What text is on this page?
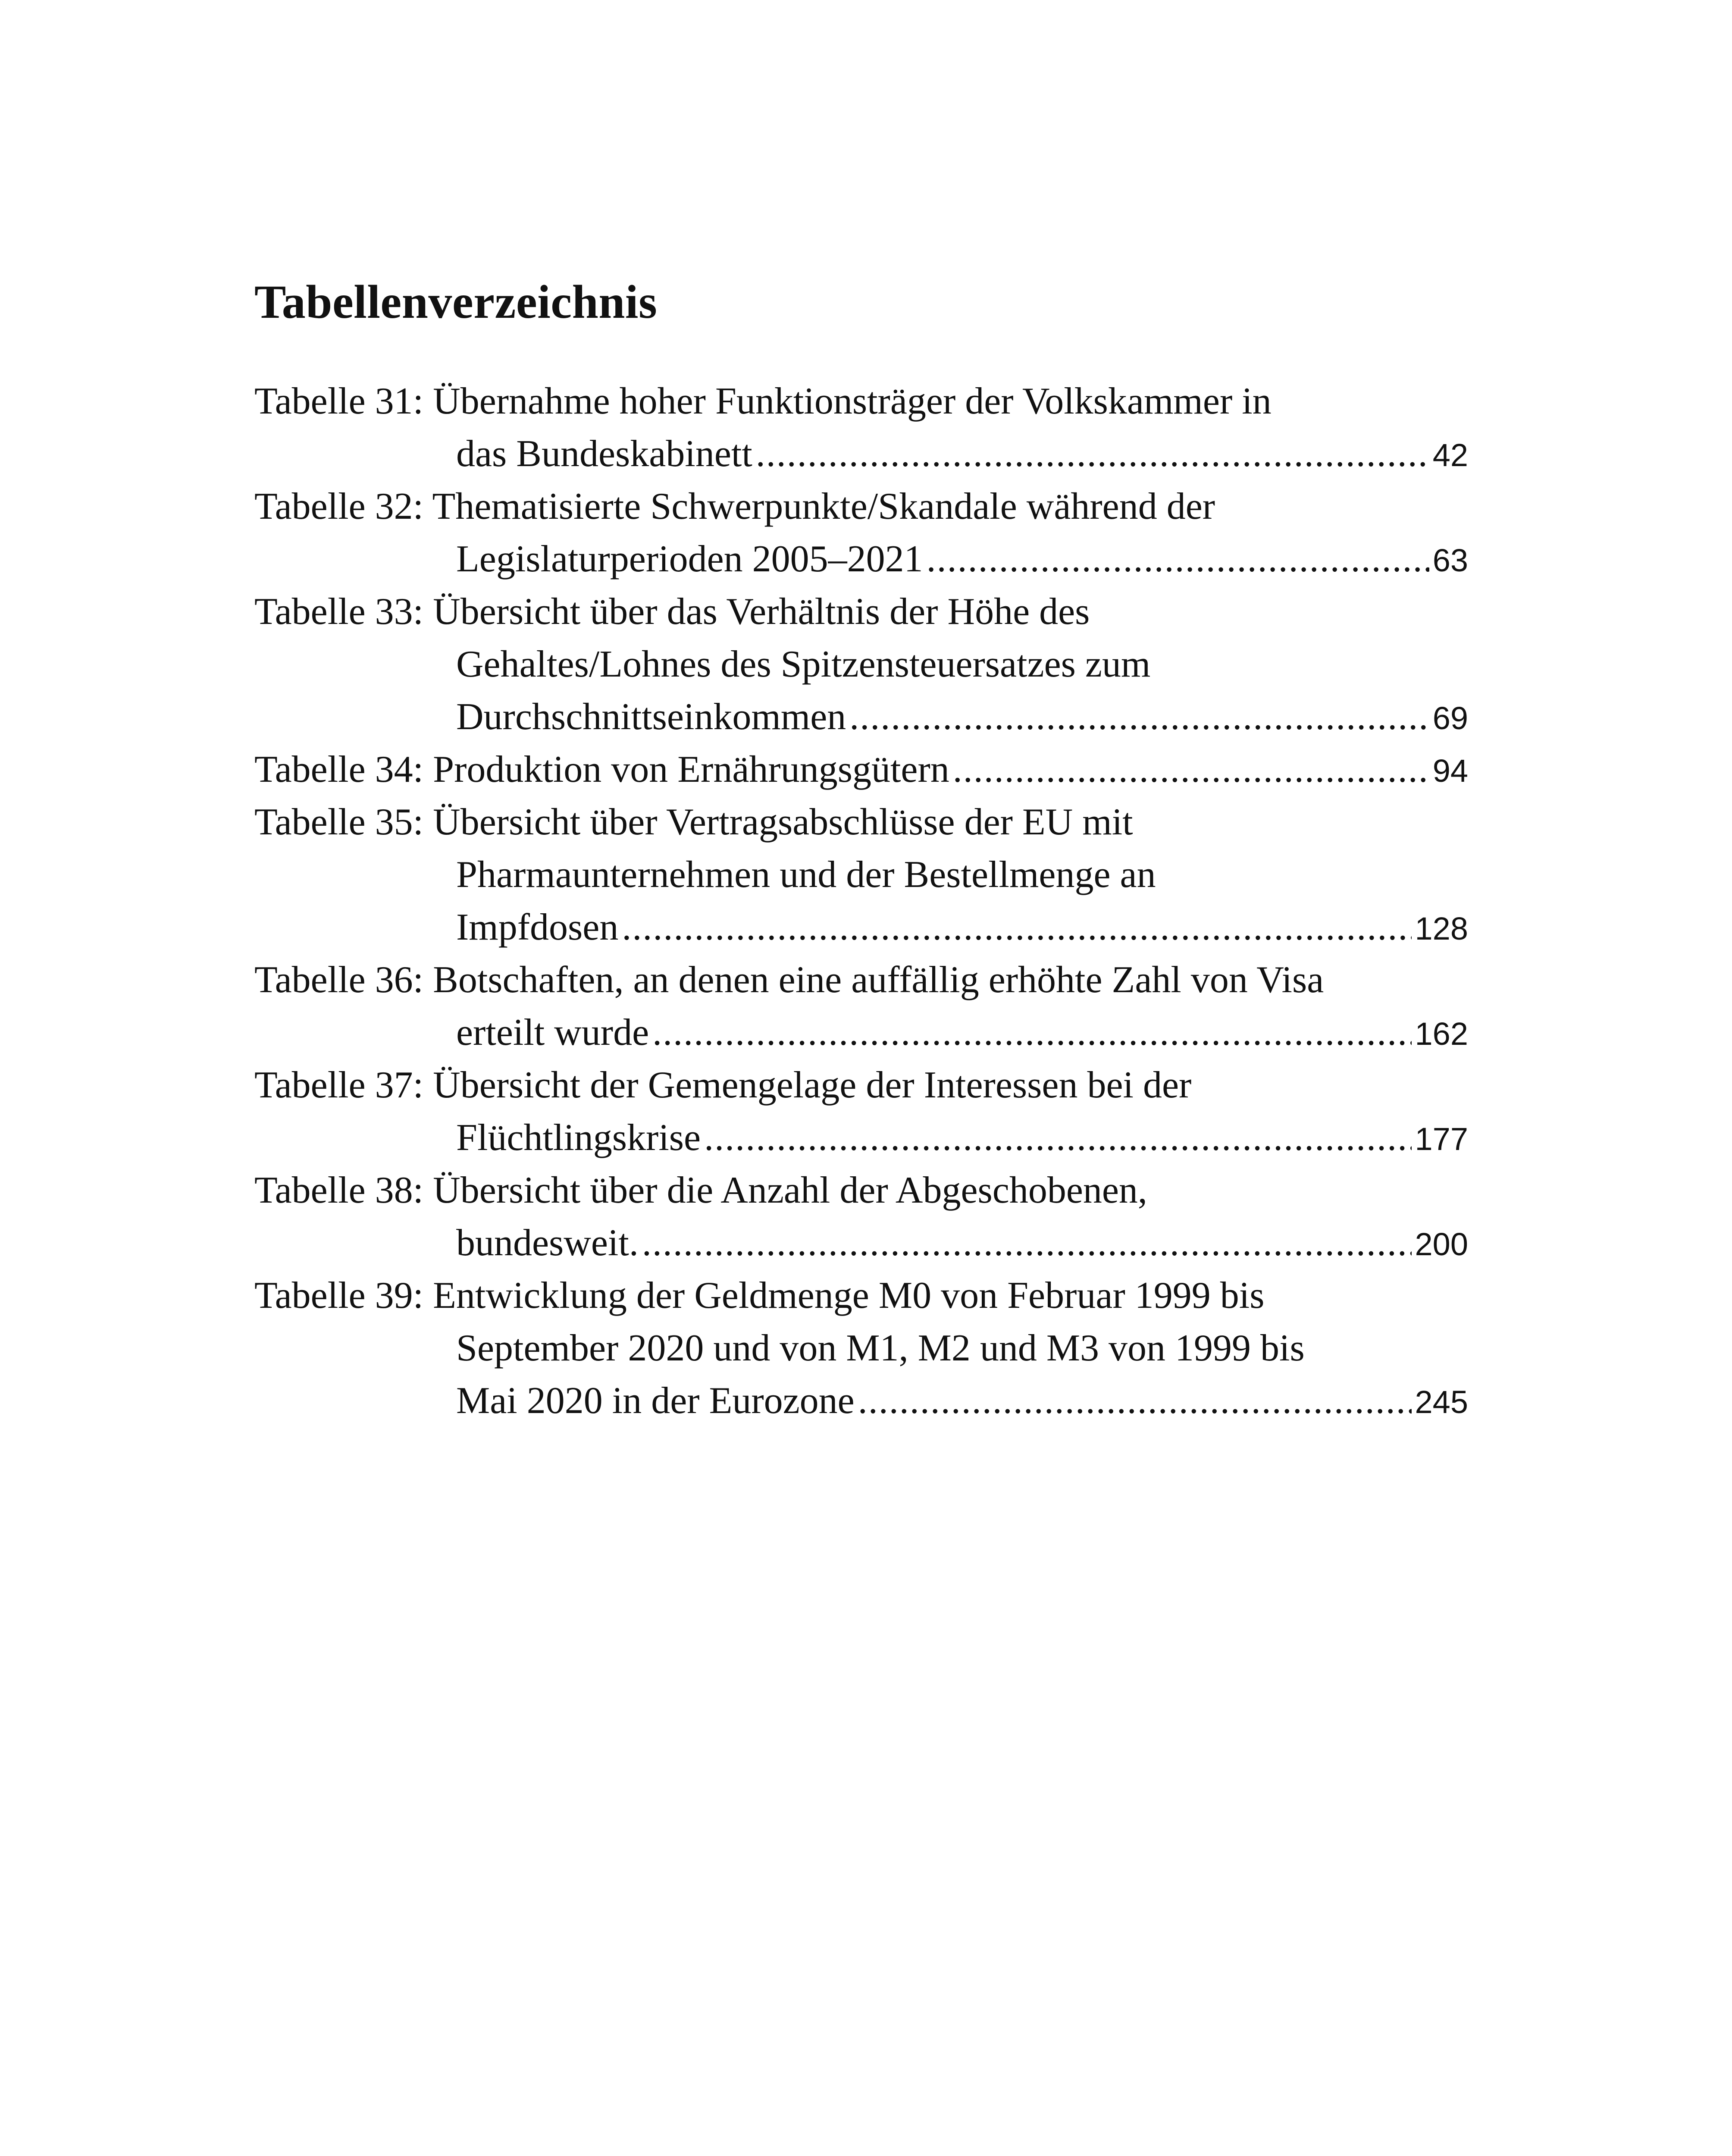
Tabellenverzeichnis
Tabelle 31: Übernahme hoher Funktionsträger der Volkskammer in
das Bundeskabinett .....	42
Tabelle 32: Thematisierte Schwerpunkte/Skandale während der
Legislaturperioden 2005–2021 .....	63
Tabelle 33: Übersicht über das Verhältnis der Höhe des
Gehaltes/Lohnes des Spitzensteuersatzes zum
Durchschnittseinkommen .....	69
Tabelle 34: Produktion von Ernährungsgütern .....	94
Tabelle 35: Übersicht über Vertragsabschlüsse der EU mit
Pharmaunternehmen und der Bestellmenge an
Impfdosen .....	128
Tabelle 36: Botschaften, an denen eine auffällig erhöhte Zahl von Visa
erteilt wurde .....	162
Tabelle 37: Übersicht der Gemengelage der Interessen bei der
Flüchtlingskrise .....	177
Tabelle 38: Übersicht über die Anzahl der Abgeschobenen,
bundesweit. .....	200
Tabelle 39: Entwicklung der Geldmenge M0 von Februar 1999 bis
September 2020 und von M1, M2 und M3 von 1999 bis
Mai 2020 in der Eurozone .....	245
